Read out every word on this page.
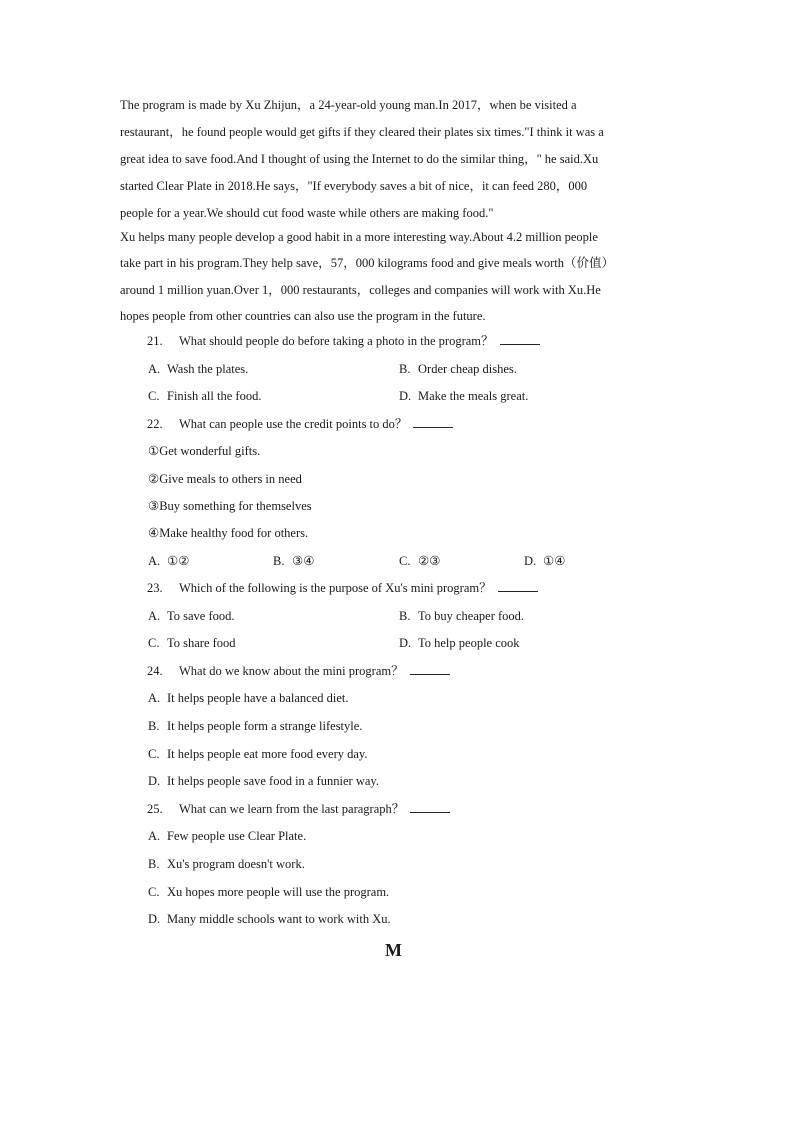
The program is made by Xu Zhijun，a 24-year-old young man.In 2017，when be visited a
restaurant，he found people would get gifts if they cleared their plates six times."I think it was a
great idea to save food.And I thought of using the Internet to do the similar thing，" he said.Xu
started Clear Plate in 2018.He says，"If everybody saves a bit of nice，it can feed 280，000
people for a year.We should cut food waste while others are making food."
Xu helps many people develop a good habit in a more interesting way.About 4.2 million people
take part in his program.They help save，57，000 kilograms food and give meals worth（价值）
around 1 million yuan.Over 1，000 restaurants，colleges and companies will work with Xu.He
hopes people from other countries can also use the program in the future.
21. What should people do before taking a photo in the program？
A. Wash the plates.	B. Order cheap dishes.
C. Finish all the food.	D. Make the meals great.
22. What can people use the credit points to do？
①Get wonderful gifts.
②Give meals to others in need
③Buy something for themselves
④Make healthy food for others.
A. ①②	B. ③④	C. ②③	D. ①④
23. Which of the following is the purpose of Xu's mini program？
A. To save food.	B. To buy cheaper food.
C. To share food	D. To help people cook
24. What do we know about the mini program？
A. It helps people have a balanced diet.
B. It helps people form a strange lifestyle.
C. It helps people eat more food every day.
D. It helps people save food in a funnier way.
25. What can we learn from the last paragraph？
A. Few people use Clear Plate.
B. Xu's program doesn't work.
C. Xu hopes more people will use the program.
D. Many middle schools want to work with Xu.
M
